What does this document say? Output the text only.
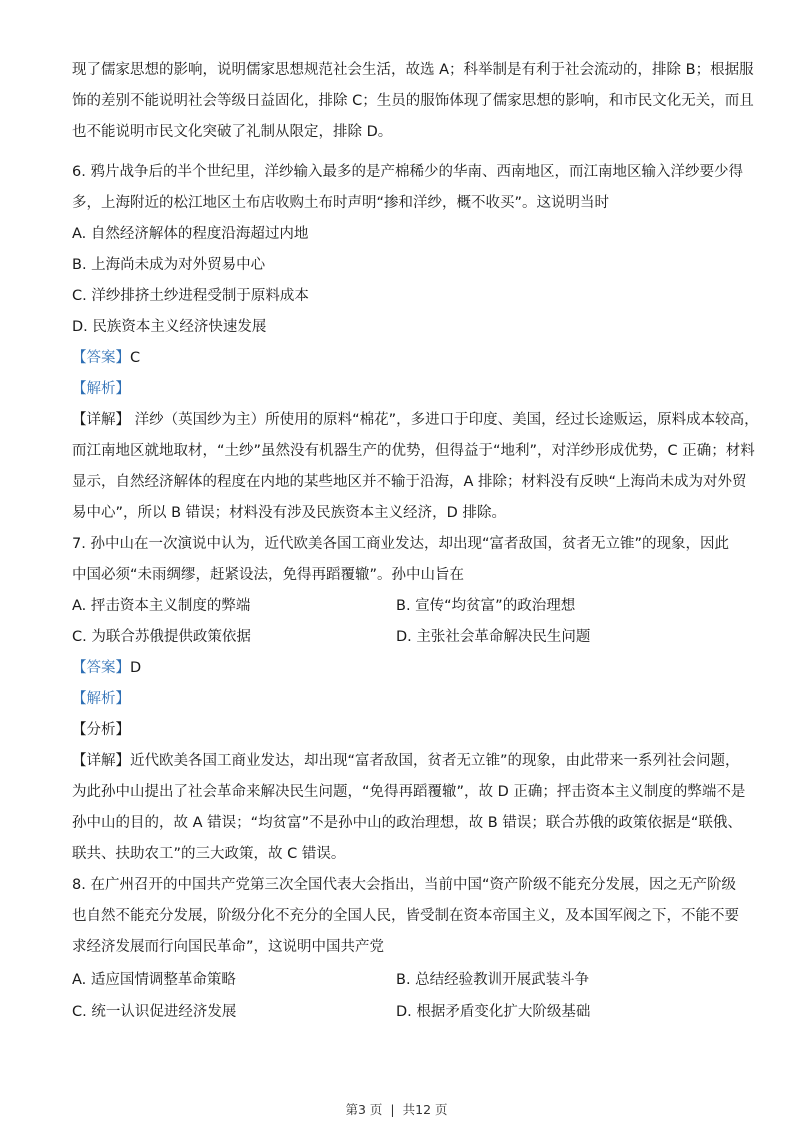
现了儒家思想的影响，说明儒家思想规范社会生活，故选 A；科举制是有利于社会流动的，排除 B；根据服
饰的差别不能说明社会等级日益固化，排除 C；生员的服饰体现了儒家思想的影响，和市民文化无关，而且
也不能说明市民文化突破了礼制从限定，排除 D。
6. 鸦片战争后的半个世纪里，洋纱输入最多的是产棉稀少的华南、西南地区，而江南地区输入洋纱要少得
多，上海附近的松江地区土布店收购土布时声明“掺和洋纱，概不收买”。这说明当时
A. 自然经济解体的程度沿海超过内地
B. 上海尚未成为对外贸易中心
C. 洋纱排挤土纱进程受制于原料成本
D. 民族资本主义经济快速发展
【答案】C
【解析】
【详解】 洋纱（英国纱为主）所使用的原料“棉花”，多进口于印度、美国，经过长途贩运，原料成本较高，
而江南地区就地取材，“土纱”虽然没有机器生产的优势，但得益于“地利”，对洋纱形成优势，C 正确；材料
显示，自然经济解体的程度在内地的某些地区并不输于沿海，A 排除；材料没有反映“上海尚未成为对外贸
易中心”，所以 B 错误；材料没有涉及民族资本主义经济，D 排除。
7. 孙中山在一次演说中认为，近代欧美各国工商业发达，却出现“富者敌国，贫者无立锥”的现象，因此
中国必须“未雨绸缪，赶紧设法，免得再蹈覆辙”。孙中山旨在
A. 抨击资本主义制度的弊端	B. 宣传“均贫富”的政治理想
C. 为联合苏俄提供政策依据	D. 主张社会革命解决民生问题
【答案】D
【解析】
【分析】
【详解】近代欧美各国工商业发达，却出现“富者敌国，贫者无立锥”的现象，由此带来一系列社会问题，
为此孙中山提出了社会革命来解决民生问题，“免得再蹈覆辙”，故 D 正确；抨击资本主义制度的弊端不是
孙中山的目的，故 A 错误；“均贫富”不是孙中山的政治理想，故 B 错误；联合苏俄的政策依据是“联俄、
联共、扶助农工”的三大政策，故 C 错误。
8. 在广州召开的中国共产党第三次全国代表大会指出，当前中国“资产阶级不能充分发展，因之无产阶级
也自然不能充分发展，阶级分化不充分的全国人民，皆受制在资本帝国主义，及本国军阀之下，不能不要
求经济发展而行向国民革命”，这说明中国共产党
A. 适应国情调整革命策略	B. 总结经验教训开展武装斗争
C. 统一认识促进经济发展	D. 根据矛盾变化扩大阶级基础
第3 页 | 共12 页
